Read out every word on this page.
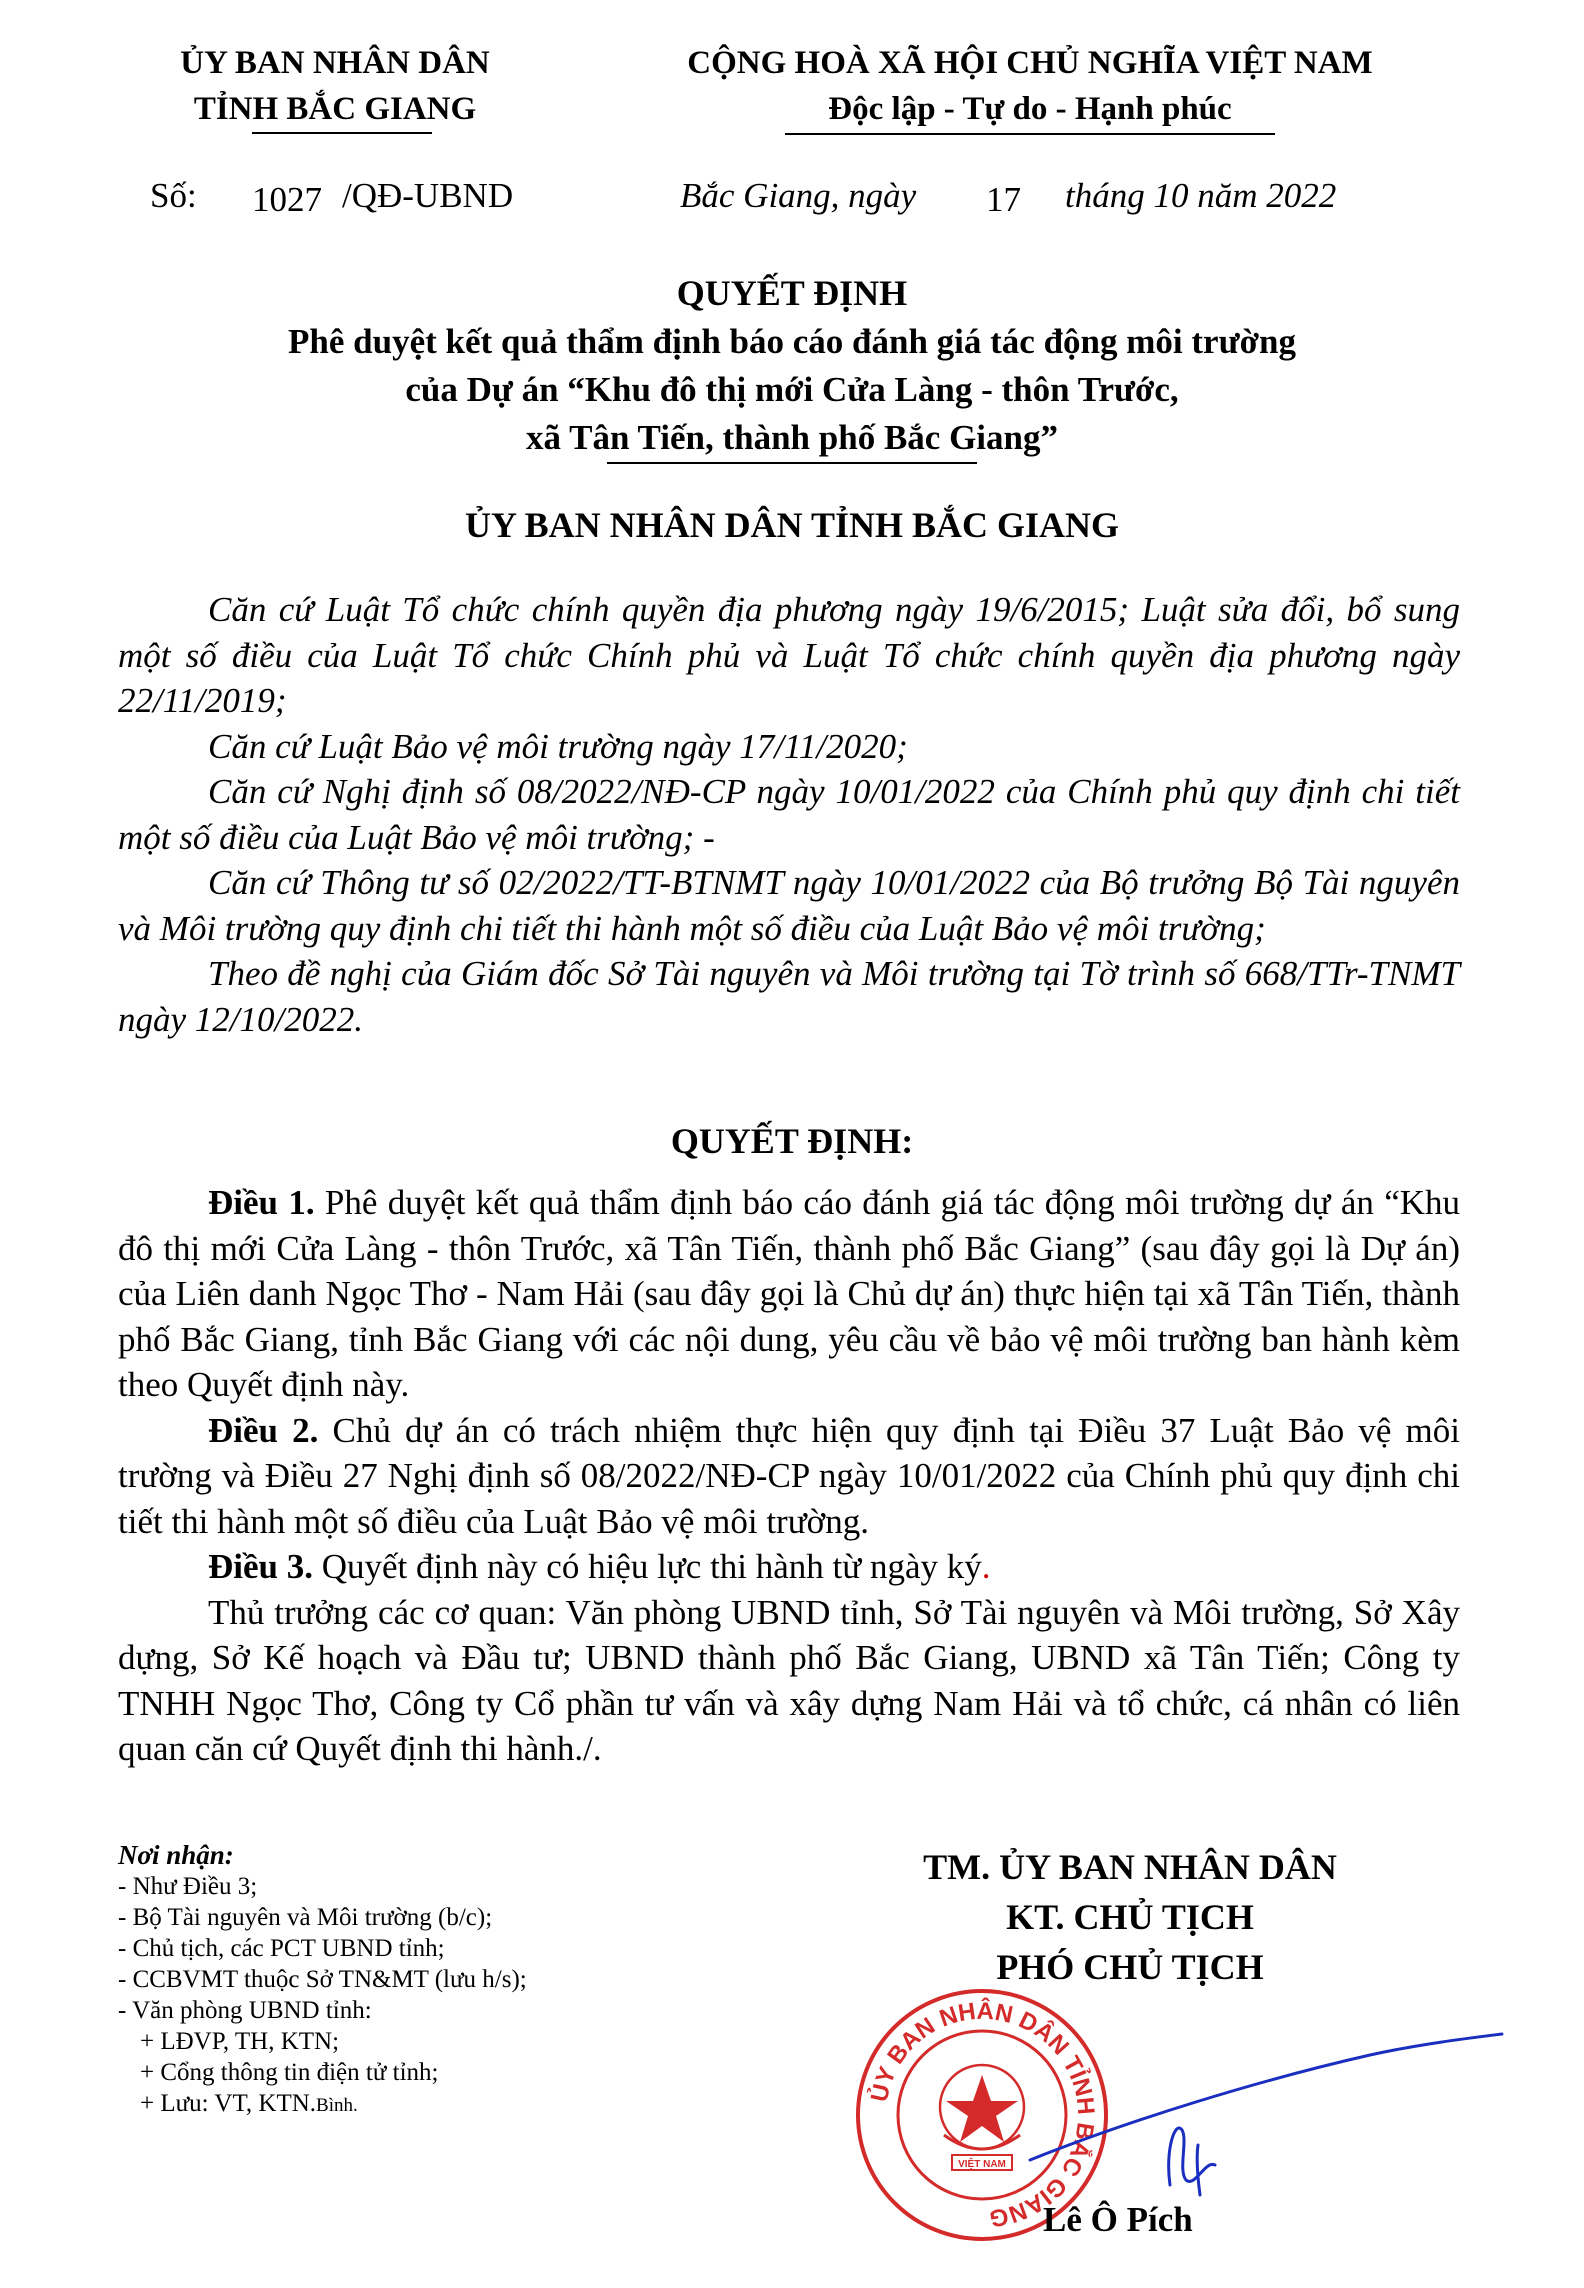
ỦY BAN NHÂN DÂN
TỈNH BẮC GIANG
CỘNG HOÀ XÃ HỘI CHỦ NGHĨA VIỆT NAM
Độc lập - Tự do - Hạnh phúc
Số: 1027 /QĐ-UBND	Bắc Giang, ngày 17 tháng 10 năm 2022
QUYẾT ĐỊNH
Phê duyệt kết quả thẩm định báo cáo đánh giá tác động môi trường
của Dự án “Khu đô thị mới Cửa Làng - thôn Trước,
xã Tân Tiến, thành phố Bắc Giang”
ỦY BAN NHÂN DÂN TỈNH BẮC GIANG

Căn cứ Luật Tổ chức chính quyền địa phương ngày 19/6/2015; Luật sửa đổi, bổ sung một số điều của Luật Tổ chức Chính phủ và Luật Tổ chức chính quyền địa phương ngày 22/11/2019;

Căn cứ Luật Bảo vệ môi trường ngày 17/11/2020;

Căn cứ Nghị định số 08/2022/NĐ-CP ngày 10/01/2022 của Chính phủ quy định chi tiết một số điều của Luật Bảo vệ môi trường; -

Căn cứ Thông tư số 02/2022/TT-BTNMT ngày 10/01/2022 của Bộ trưởng Bộ Tài nguyên và Môi trường quy định chi tiết thi hành một số điều của Luật Bảo vệ môi trường;

Theo đề nghị của Giám đốc Sở Tài nguyên và Môi trường tại Tờ trình số 668/TTr-TNMT ngày 12/10/2022.

QUYẾT ĐỊNH:

Điều 1. Phê duyệt kết quả thẩm định báo cáo đánh giá tác động môi trường dự án “Khu đô thị mới Cửa Làng - thôn Trước, xã Tân Tiến, thành phố Bắc Giang” (sau đây gọi là Dự án) của Liên danh Ngọc Thơ - Nam Hải (sau đây gọi là Chủ dự án) thực hiện tại xã Tân Tiến, thành phố Bắc Giang, tỉnh Bắc Giang với các nội dung, yêu cầu về bảo vệ môi trường ban hành kèm theo Quyết định này.

Điều 2. Chủ dự án có trách nhiệm thực hiện quy định tại Điều 37 Luật Bảo vệ môi trường và Điều 27 Nghị định số 08/2022/NĐ-CP ngày 10/01/2022 của Chính phủ quy định chi tiết thi hành một số điều của Luật Bảo vệ môi trường.

Điều 3. Quyết định này có hiệu lực thi hành từ ngày ký.

Thủ trưởng các cơ quan: Văn phòng UBND tỉnh, Sở Tài nguyên và Môi trường, Sở Xây dựng, Sở Kế hoạch và Đầu tư; UBND thành phố Bắc Giang, UBND xã Tân Tiến; Công ty TNHH Ngọc Thơ, Công ty Cổ phần tư vấn và xây dựng Nam Hải và tổ chức, cá nhân có liên quan căn cứ Quyết định thi hành./.

Nơi nhận:
- Như Điều 3;
- Bộ Tài nguyên và Môi trường (b/c);
- Chủ tịch, các PCT UBND tỉnh;
- CCBVMT thuộc Sở TN&MT (lưu h/s);
- Văn phòng UBND tỉnh:
+ LĐVP, TH, KTN;
+ Cổng thông tin điện tử tỉnh;
+ Lưu: VT, KTN.Bình.
TM. ỦY BAN NHÂN DÂN
KT. CHỦ TỊCH
PHÓ CHỦ TỊCH
ỦY BAN NHÂN DÂN TỈNH BẮC GIANG
VIỆT NAM
Lê Ô Pích
